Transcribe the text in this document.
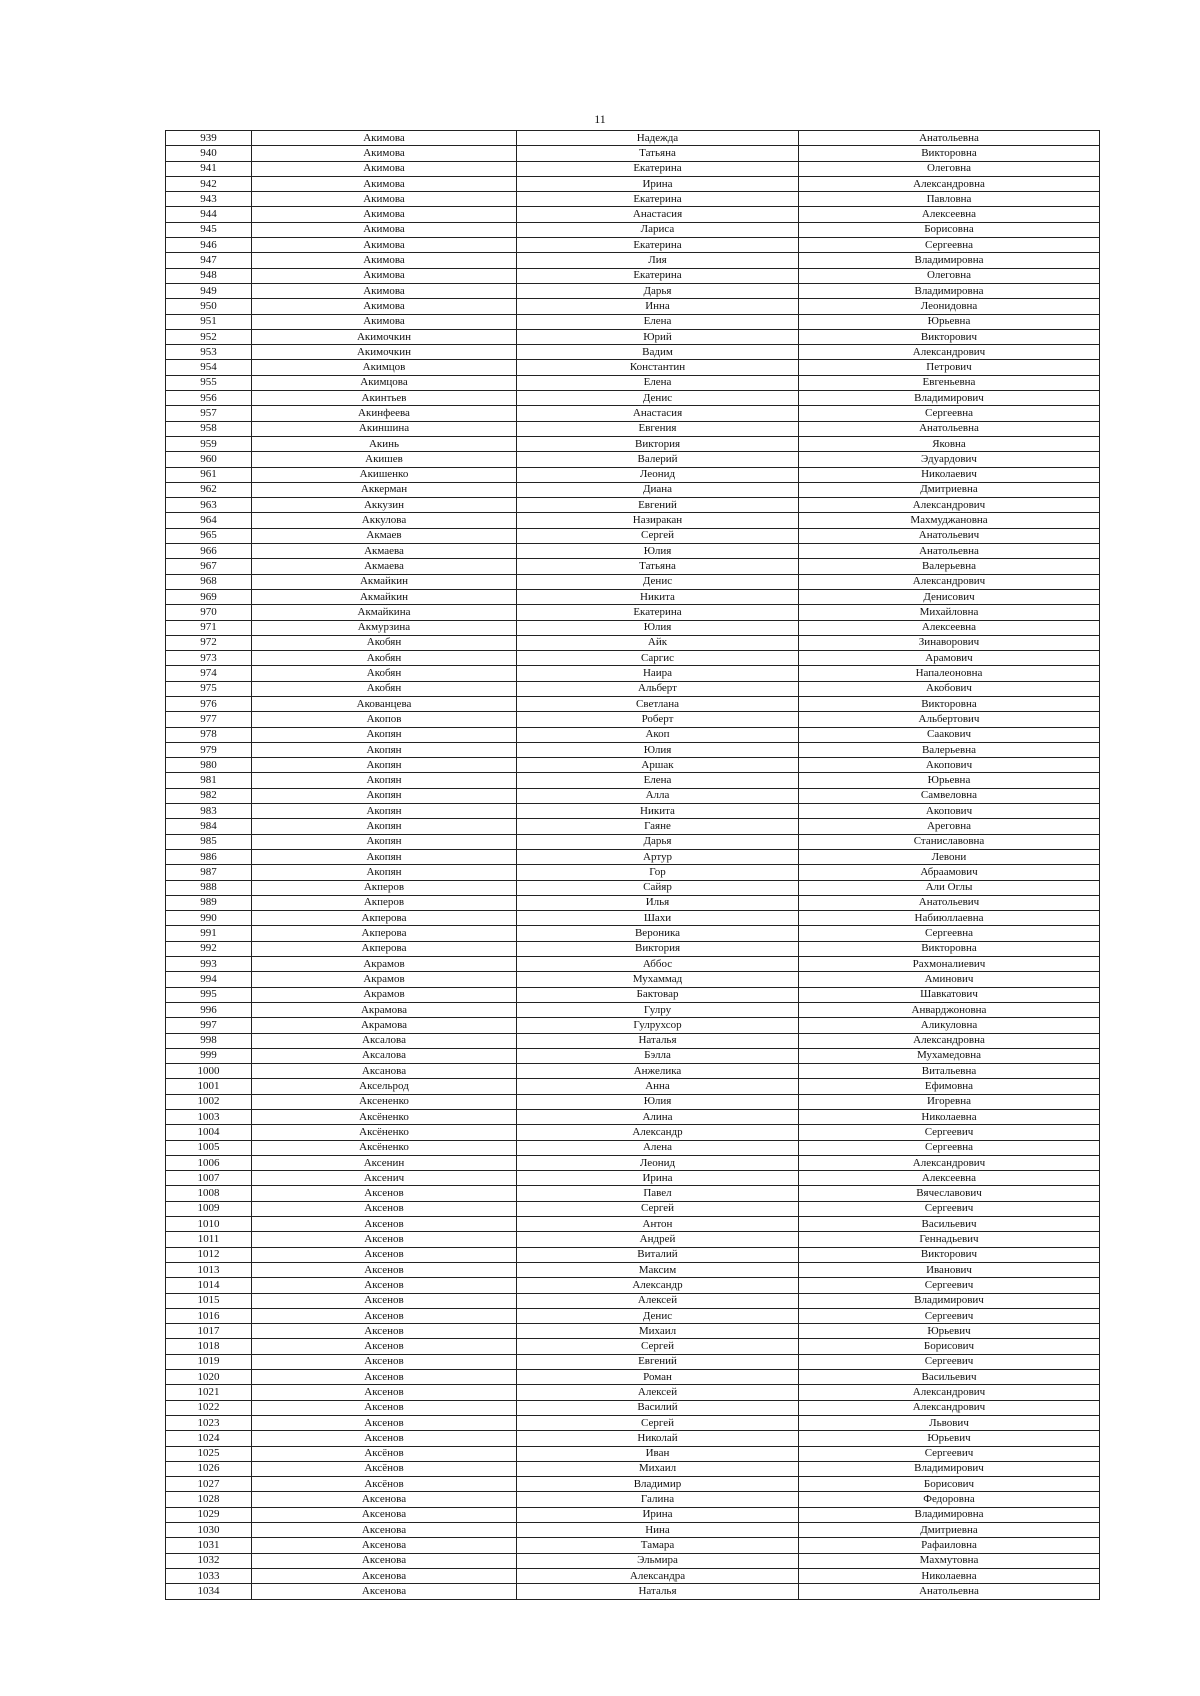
11
939	Акимова	Надежда	Анатольевна
940	Акимова	Татьяна	Викторовна
941	Акимова	Екатерина	Олеговна
942	Акимова	Ирина	Александровна
943	Акимова	Екатерина	Павловна
944	Акимова	Анастасия	Алексеевна
945	Акимова	Лариса	Борисовна
946	Акимова	Екатерина	Сергеевна
947	Акимова	Лия	Владимировна
948	Акимова	Екатерина	Олеговна
949	Акимова	Дарья	Владимировна
950	Акимова	Инна	Леонидовна
951	Акимова	Елена	Юрьевна
952	Акимочкин	Юрий	Викторович
953	Акимочкин	Вадим	Александрович
954	Акимцов	Константин	Петрович
955	Акимцова	Елена	Евгеньевна
956	Акинтьев	Денис	Владимирович
957	Акинфеева	Анастасия	Сергеевна
958	Акиншина	Евгения	Анатольевна
959	Акинь	Виктория	Яковна
960	Акишев	Валерий	Эдуардович
961	Акишенко	Леонид	Николаевич
962	Аккерман	Диана	Дмитриевна
963	Аккузин	Евгений	Александрович
964	Аккулова	Назиракан	Махмуджановна
965	Акмаев	Сергей	Анатольевич
966	Акмаева	Юлия	Анатольевна
967	Акмаева	Татьяна	Валерьевна
968	Акмайкин	Денис	Александрович
969	Акмайкин	Никита	Денисович
970	Акмайкина	Екатерина	Михайловна
971	Акмурзина	Юлия	Алексеевна
972	Акобян	Айк	Зинаворович
973	Акобян	Саргис	Арамович
974	Акобян	Наира	Напалеоновна
975	Акобян	Альберт	Акобович
976	Акованцева	Светлана	Викторовна
977	Акопов	Роберт	Альбертович
978	Акопян	Акоп	Саакович
979	Акопян	Юлия	Валерьевна
980	Акопян	Аршак	Акопович
981	Акопян	Елена	Юрьевна
982	Акопян	Алла	Самвеловна
983	Акопян	Никита	Акопович
984	Акопян	Гаяне	Ареговна
985	Акопян	Дарья	Станиславовна
986	Акопян	Артур	Левони
987	Акопян	Гор	Абраамович
988	Акперов	Сайяр	Али Оглы
989	Акперов	Илья	Анатольевич
990	Акперова	Шахи	Набиюллаевна
991	Акперова	Вероника	Сергеевна
992	Акперова	Виктория	Викторовна
993	Акрамов	Аббос	Рахмоналиевич
994	Акрамов	Мухаммад	Аминович
995	Акрамов	Бактовар	Шавкатович
996	Акрамова	Гулру	Анварджоновна
997	Акрамова	Гулрухсор	Аликуловна
998	Аксалова	Наталья	Александровна
999	Аксалова	Бэлла	Мухамедовна
1000	Аксанова	Анжелика	Витальевна
1001	Аксельрод	Анна	Ефимовна
1002	Аксененко	Юлия	Игоревна
1003	Аксёненко	Алина	Николаевна
1004	Аксёненко	Александр	Сергеевич
1005	Аксёненко	Алена	Сергеевна
1006	Аксенин	Леонид	Александрович
1007	Аксенич	Ирина	Алексеевна
1008	Аксенов	Павел	Вячеславович
1009	Аксенов	Сергей	Сергеевич
1010	Аксенов	Антон	Васильевич
1011	Аксенов	Андрей	Геннадьевич
1012	Аксенов	Виталий	Викторович
1013	Аксенов	Максим	Иванович
1014	Аксенов	Александр	Сергеевич
1015	Аксенов	Алексей	Владимирович
1016	Аксенов	Денис	Сергеевич
1017	Аксенов	Михаил	Юрьевич
1018	Аксенов	Сергей	Борисович
1019	Аксенов	Евгений	Сергеевич
1020	Аксенов	Роман	Васильевич
1021	Аксенов	Алексей	Александрович
1022	Аксенов	Василий	Александрович
1023	Аксенов	Сергей	Львович
1024	Аксенов	Николай	Юрьевич
1025	Аксёнов	Иван	Сергеевич
1026	Аксёнов	Михаил	Владимирович
1027	Аксёнов	Владимир	Борисович
1028	Аксенова	Галина	Федоровна
1029	Аксенова	Ирина	Владимировна
1030	Аксенова	Нина	Дмитриевна
1031	Аксенова	Тамара	Рафаиловна
1032	Аксенова	Эльмира	Махмутовна
1033	Аксенова	Александра	Николаевна
1034	Аксенова	Наталья	Анатольевна
